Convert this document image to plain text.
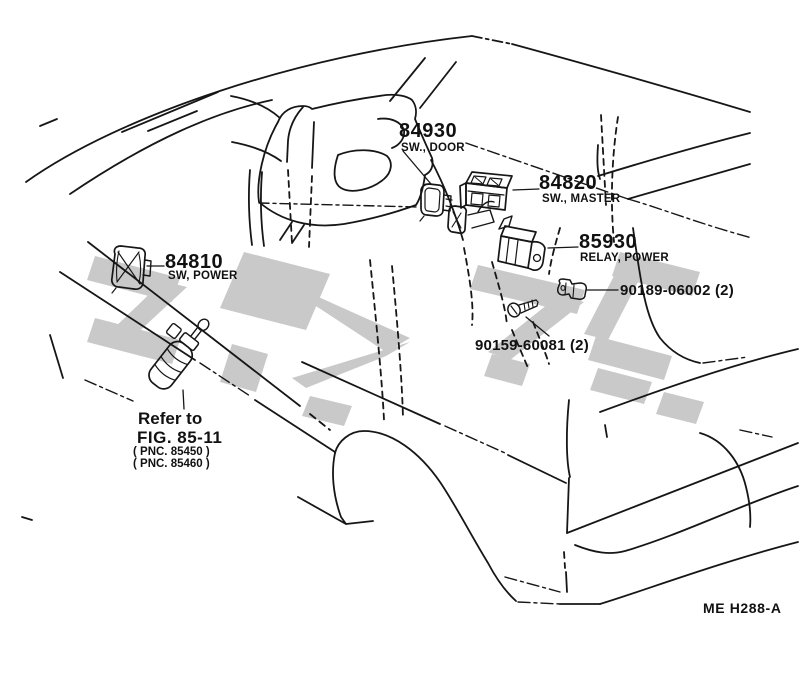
84930
SW., DOOR
84820
SW., MASTER
85930
RELAY, POWER
90189-06002 (2)
90159-60081 (2)
84810
SW, POWER
Refer to
FIG. 85-11
( PNC. 85450 )
( PNC. 85460 )
ME H288-A
